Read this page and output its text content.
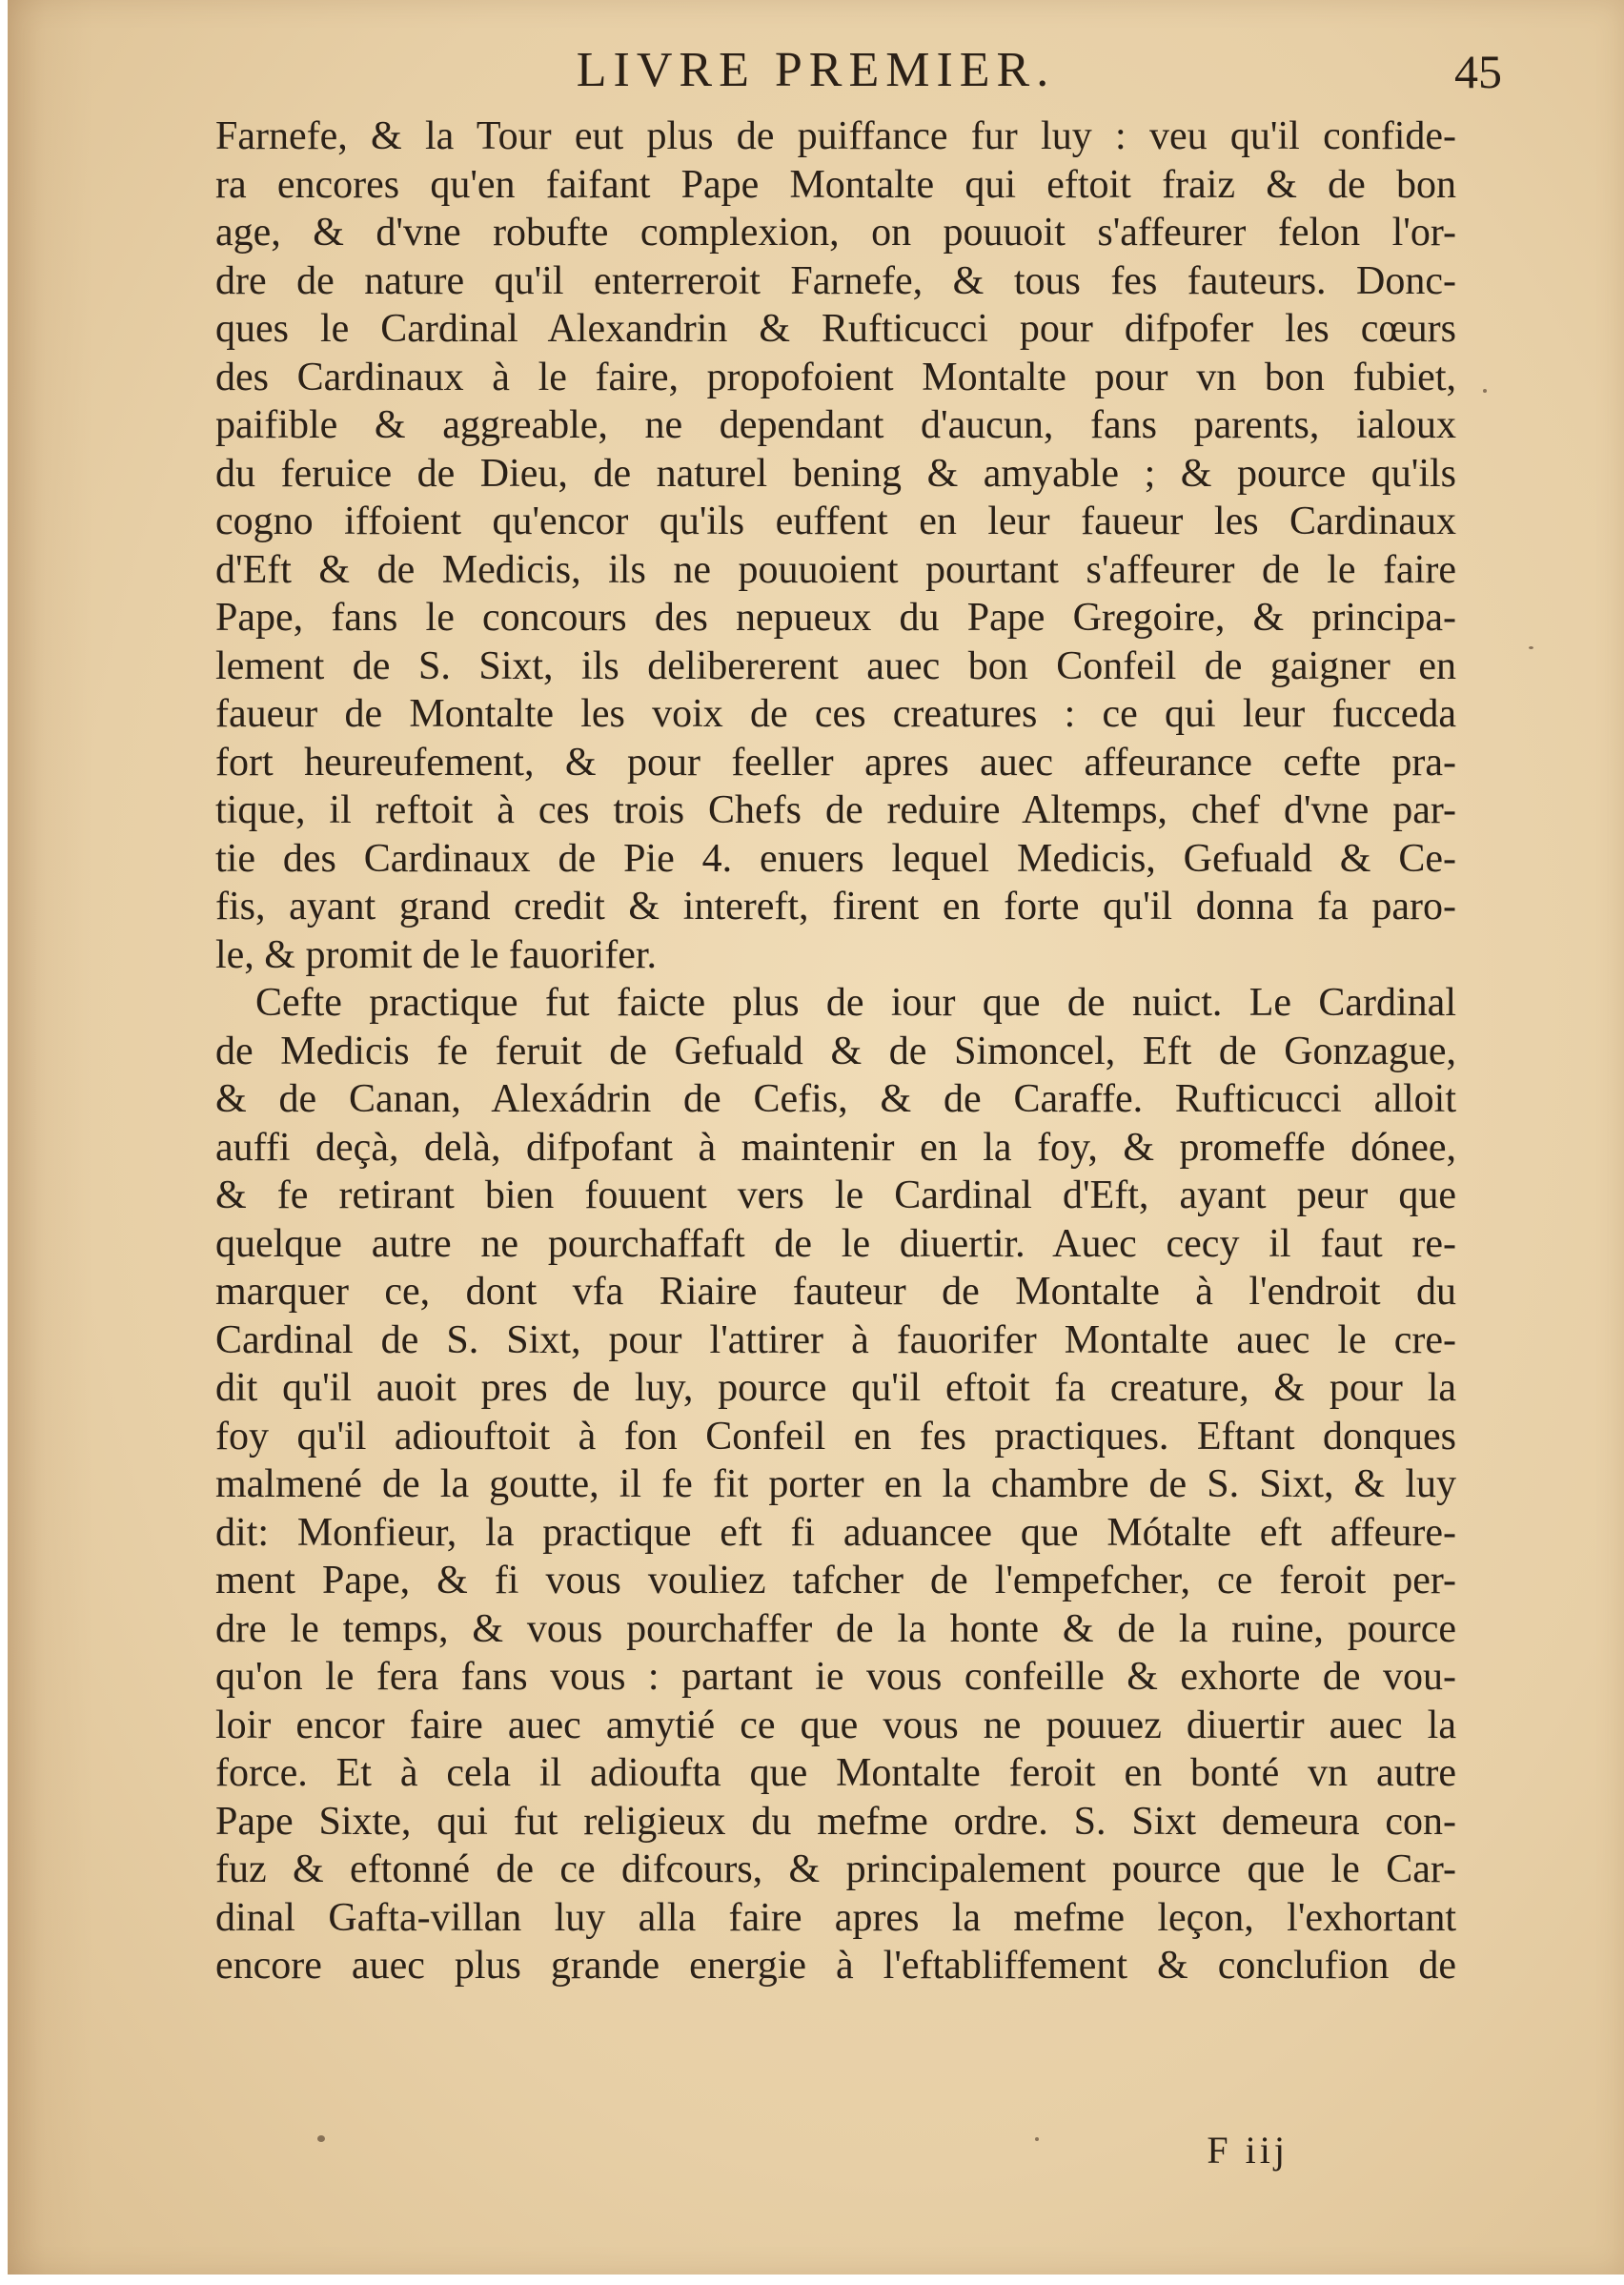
LIVRE PREMIER.	45
Farnefe, & la Tour eut plus de puiffance fur luy : veu qu'il confide-
ra encores qu'en faifant Pape Montalte qui eftoit fraiz & de bon
age, & d'vne robufte complexion, on pouuoit s'affeurer felon l'or-
dre de nature qu'il enterreroit Farnefe, & tous fes fauteurs. Donc-
ques le Cardinal Alexandrin & Rufticucci pour difpofer les cœurs
des Cardinaux à le faire, propofoient Montalte pour vn bon fubiet,
paifible & aggreable, ne dependant d'aucun, fans parents, ialoux
du feruice de Dieu, de naturel bening & amyable ; & pource qu'ils
cogno iffoient qu'encor qu'ils euffent en leur faueur les Cardinaux
d'Eft & de Medicis, ils ne pouuoient pourtant s'affeurer de le faire
Pape, fans le concours des nepueux du Pape Gregoire, & principa-
lement de S. Sixt, ils delibererent auec bon Confeil de gaigner en
faueur de Montalte les voix de ces creatures : ce qui leur fucceda
fort heureufement, & pour feeller apres auec affeurance cefte pra-
tique, il reftoit à ces trois Chefs de reduire Altemps, chef d'vne par-
tie des Cardinaux de Pie 4. enuers lequel Medicis, Gefuald & Ce-
fis, ayant grand credit & intereft, firent en forte qu'il donna fa paro-
le, & promit de le fauorifer.
Cefte practique fut faicte plus de iour que de nuict. Le Cardinal
de Medicis fe feruit de Gefuald & de Simoncel, Eft de Gonzague,
& de Canan, Alexádrin de Cefis, & de Caraffe. Rufticucci alloit
auffi deçà, delà, difpofant à maintenir en la foy, & promeffe dónee,
& fe retirant bien fouuent vers le Cardinal d'Eft, ayant peur que
quelque autre ne pourchaffaft de le diuertir. Auec cecy il faut re-
marquer ce, dont vfa Riaire fauteur de Montalte à l'endroit du
Cardinal de S. Sixt, pour l'attirer à fauorifer Montalte auec le cre-
dit qu'il auoit pres de luy, pource qu'il eftoit fa creature, & pour la
foy qu'il adiouftoit à fon Confeil en fes practiques. Eftant donques
malmené de la goutte, il fe fit porter en la chambre de S. Sixt, & luy
dit: Monfieur, la practique eft fi aduancee que Mótalte eft affeure-
ment Pape, & fi vous vouliez tafcher de l'empefcher, ce feroit per-
dre le temps, & vous pourchaffer de la honte & de la ruine, pource
qu'on le fera fans vous : partant ie vous confeille & exhorte de vou-
loir encor faire auec amytié ce que vous ne pouuez diuertir auec la
force. Et à cela il adioufta que Montalte feroit en bonté vn autre
Pape Sixte, qui fut religieux du mefme ordre. S. Sixt demeura con-
fuz & eftonné de ce difcours, & principalement pource que le Car-
dinal Gafta-villan luy alla faire apres la mefme leçon, l'exhortant
encore auec plus grande energie à l'eftabliffement & conclufion de
F iij
